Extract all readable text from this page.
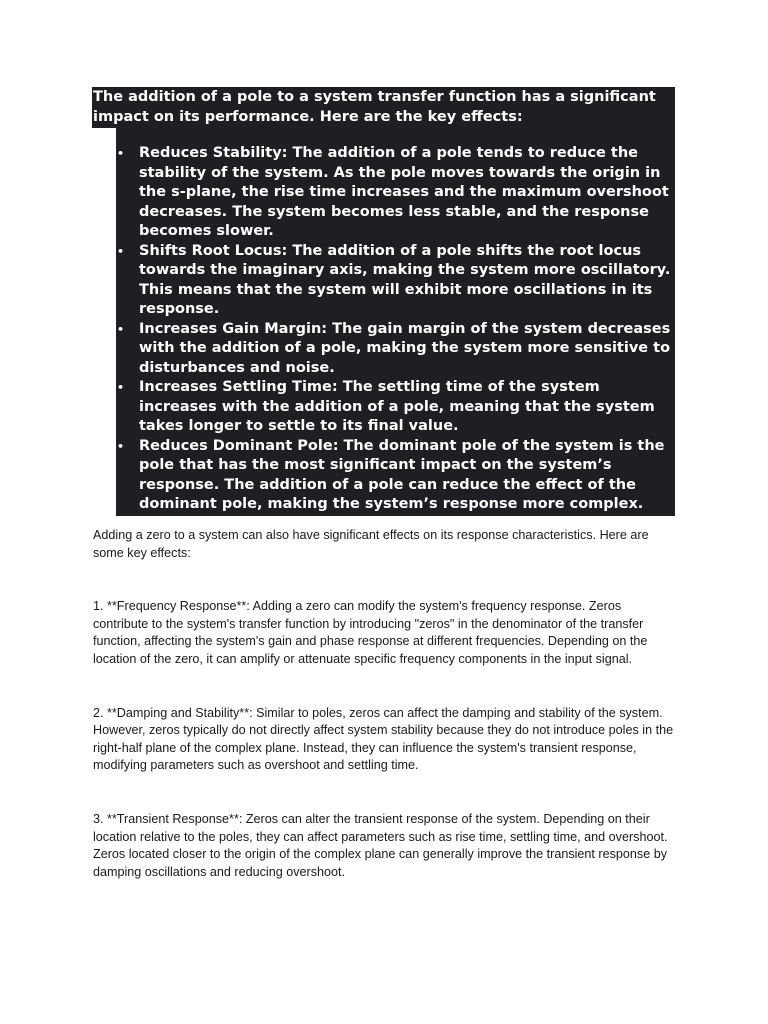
The addition of a pole to a system transfer function has a significant impact on its performance. Here are the key effects:

• Reduces Stability: The addition of a pole tends to reduce the stability of the system. As the pole moves towards the origin in the s-plane, the rise time increases and the maximum overshoot decreases. The system becomes less stable, and the response becomes slower.
• Shifts Root Locus: The addition of a pole shifts the root locus towards the imaginary axis, making the system more oscillatory. This means that the system will exhibit more oscillations in its response.
• Increases Gain Margin: The gain margin of the system decreases with the addition of a pole, making the system more sensitive to disturbances and noise.
• Increases Settling Time: The settling time of the system increases with the addition of a pole, meaning that the system takes longer to settle to its final value.
• Reduces Dominant Pole: The dominant pole of the system is the pole that has the most significant impact on the system’s response. The addition of a pole can reduce the effect of the dominant pole, making the system’s response more complex.

Adding a zero to a system can also have significant effects on its response characteristics. Here are some key effects:

1. **Frequency Response**: Adding a zero can modify the system's frequency response. Zeros contribute to the system's transfer function by introducing "zeros" in the denominator of the transfer function, affecting the system's gain and phase response at different frequencies. Depending on the location of the zero, it can amplify or attenuate specific frequency components in the input signal.

2. **Damping and Stability**: Similar to poles, zeros can affect the damping and stability of the system. However, zeros typically do not directly affect system stability because they do not introduce poles in the right-half plane of the complex plane. Instead, they can influence the system's transient response, modifying parameters such as overshoot and settling time.

3. **Transient Response**: Zeros can alter the transient response of the system. Depending on their location relative to the poles, they can affect parameters such as rise time, settling time, and overshoot. Zeros located closer to the origin of the complex plane can generally improve the transient response by damping oscillations and reducing overshoot.
